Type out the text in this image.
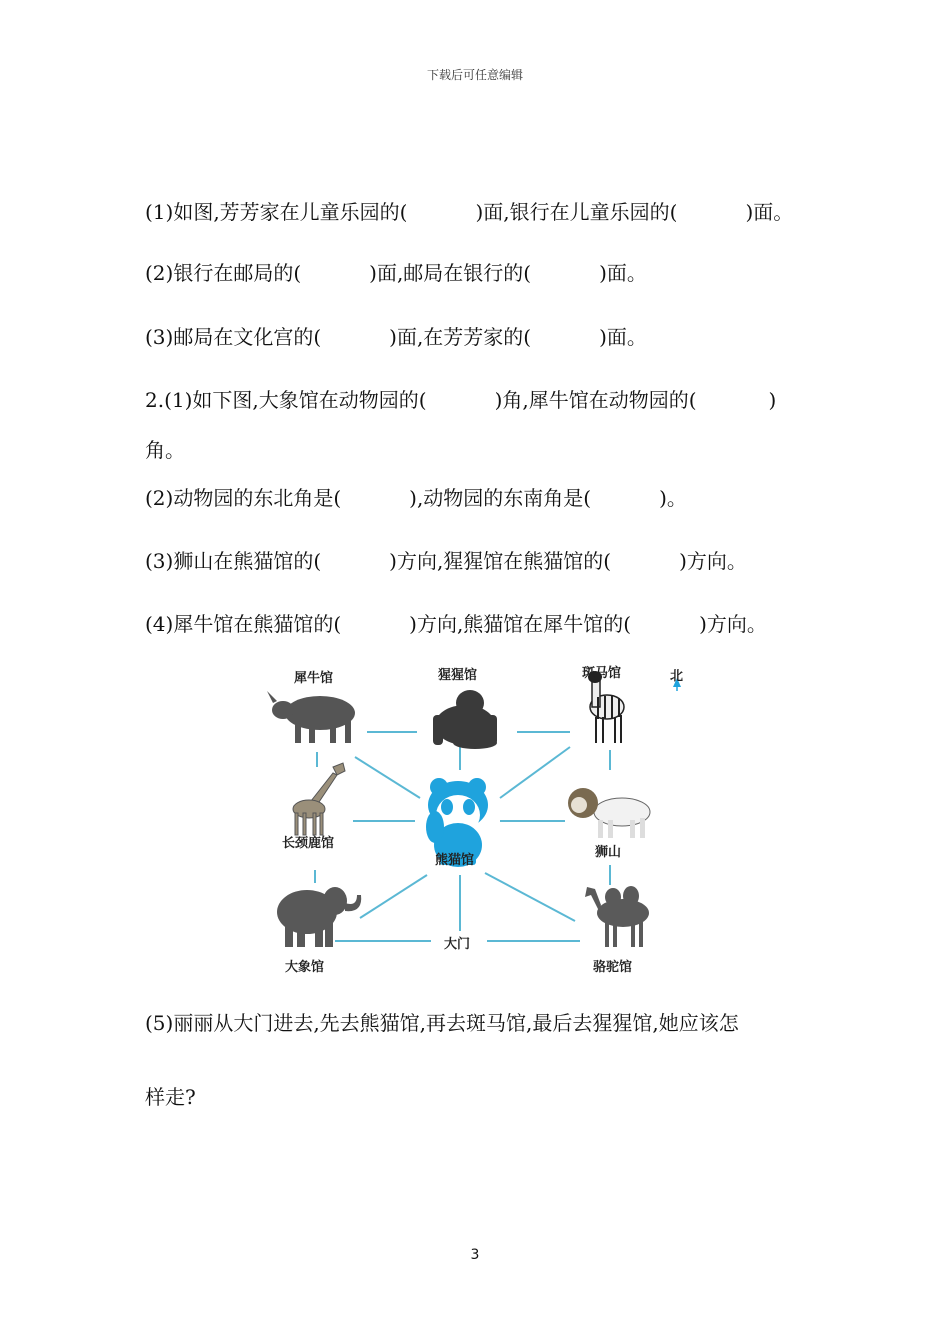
下载后可任意编辑
(1)如图,芳芳家在儿童乐园的(	)面,银行在儿童乐园的(	)面。
(2)银行在邮局的(	)面,邮局在银行的(	)面。
(3)邮局在文化宫的(	)面,在芳芳家的(	)面。
2.(1)如下图,大象馆在动物园的(	)角,犀牛馆在动物园的(	)
角。
(2)动物园的东北角是(	),动物园的东南角是(	)。
(3)狮山在熊猫馆的(	)方向,猩猩馆在熊猫馆的(	)方向。
(4)犀牛馆在熊猫馆的(	)方向,熊猫馆在犀牛馆的(	)方向。
犀牛馆	猩猩馆	斑马馆	北
长颈鹿馆
熊猫馆
狮山
大门
大象馆	骆驼馆
(5)丽丽从大门进去,先去熊猫馆,再去斑马馆,最后去猩猩馆,她应该怎
样走?
3
